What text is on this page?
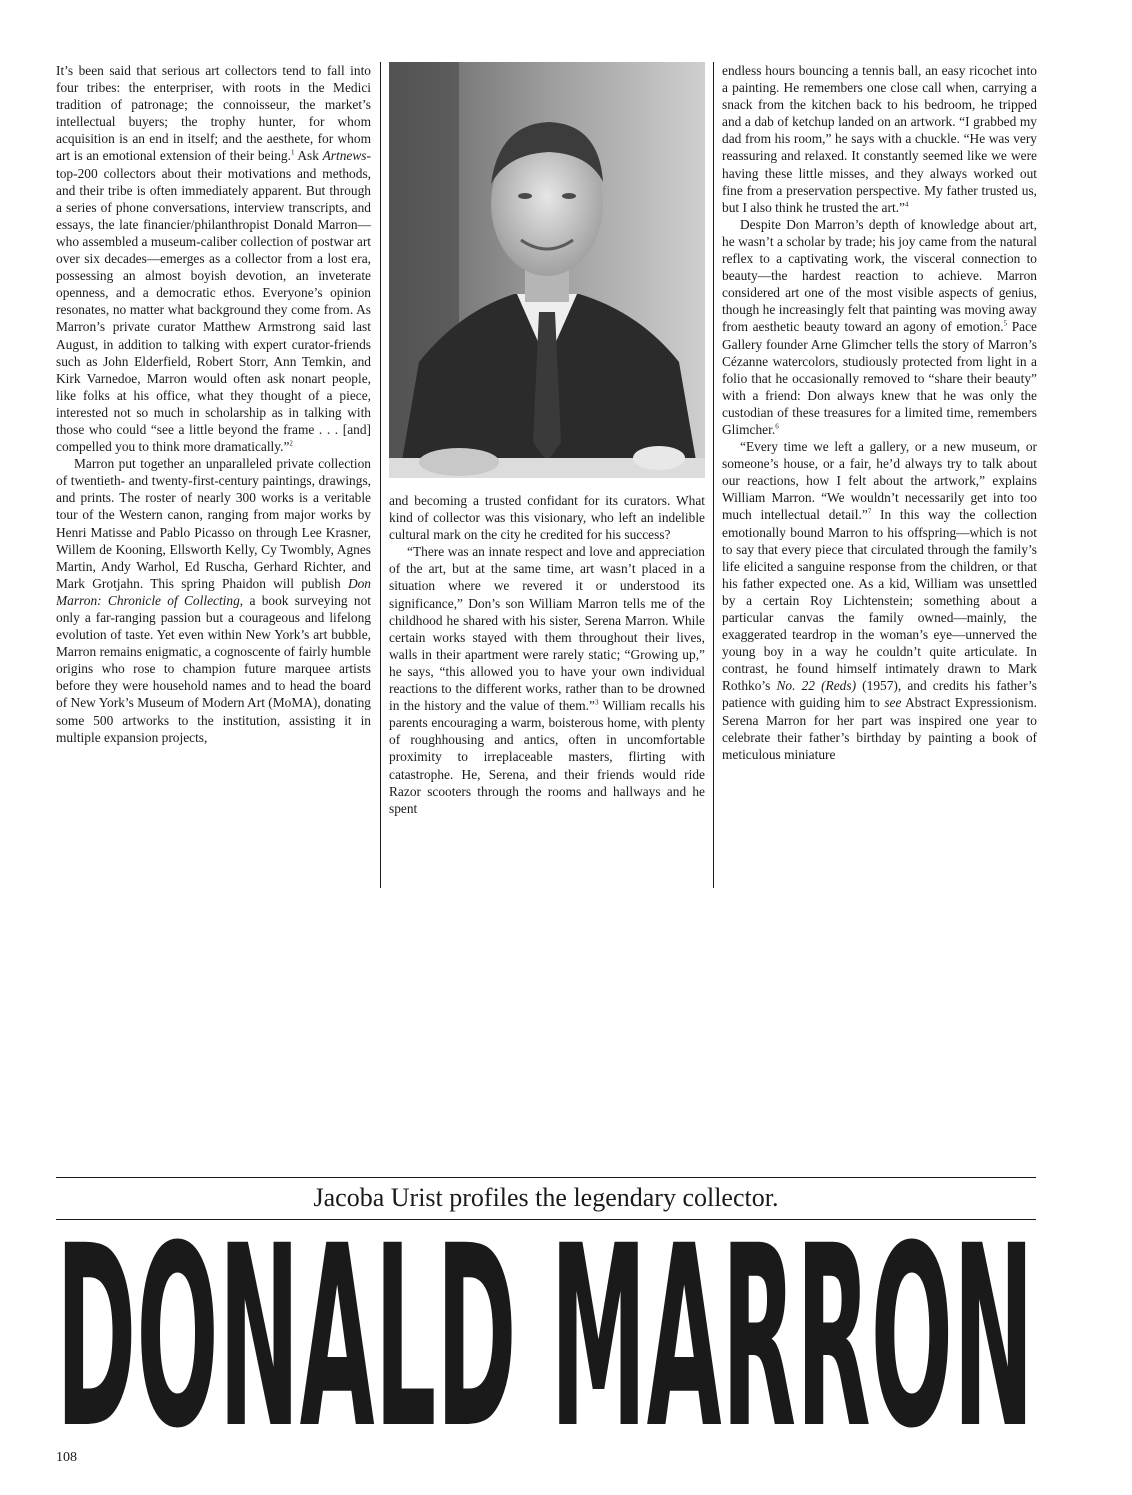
It’s been said that serious art collectors tend to fall into four tribes: the enterpriser, with roots in the Medici tradition of patronage; the connoisseur, the market’s intellectual buyers; the trophy hunter, for whom acquisition is an end in itself; and the aesthete, for whom art is an emotional extension of their being.$^1$ Ask Artnews-top-200 collectors about their motivations and methods, and their tribe is often immediately apparent. But through a series of phone conversations, interview transcripts, and essays, the late financier/philanthropist Donald Marron—who assembled a museum-caliber collection of postwar art over six decades—emerges as a collector from a lost era, possessing an almost boyish devotion, an inveterate openness, and a democratic ethos. Everyone’s opinion resonates, no matter what background they come from. As Marron’s private curator Matthew Armstrong said last August, in addition to talking with expert curator-friends such as John Elderfield, Robert Storr, Ann Temkin, and Kirk Varnedoe, Marron would often ask nonart people, like folks at his office, what they thought of a piece, interested not so much in scholarship as in talking with those who could “see a little beyond the frame . . . [and] compelled you to think more dramatically.”$^2$

Marron put together an unparalleled private collection of twentieth- and twenty-first-century paintings, drawings, and prints. The roster of nearly 300 works is a veritable tour of the Western canon, ranging from major works by Henri Matisse and Pablo Picasso on through Lee Krasner, Willem de Kooning, Ellsworth Kelly, Cy Twombly, Agnes Martin, Andy Warhol, Ed Ruscha, Gerhard Richter, and Mark Grotjahn. This spring Phaidon will publish Don Marron: Chronicle of Collecting, a book surveying not only a far-ranging passion but a courageous and lifelong evolution of taste. Yet even within New York’s art bubble, Marron remains enigmatic, a cognoscente of fairly humble origins who rose to champion future marquee artists before they were household names and to head the board of New York’s Museum of Modern Art (MoMA), donating some 500 artworks to the institution, assisting it in multiple expansion projects,

and becoming a trusted confidant for its curators. What kind of collector was this visionary, who left an indelible cultural mark on the city he credited for his success?

“There was an innate respect and love and appreciation of the art, but at the same time, art wasn’t placed in a situation where we revered it or understood its significance,” Don’s son William Marron tells me of the childhood he shared with his sister, Serena Marron. While certain works stayed with them throughout their lives, walls in their apartment were rarely static; “Growing up,” he says, “this allowed you to have your own individual reactions to the different works, rather than to be drowned in the history and the value of them.”$^3$ William recalls his parents encouraging a warm, boisterous home, with plenty of roughhousing and antics, often in uncomfortable proximity to irreplaceable masters, flirting with catastrophe. He, Serena, and their friends would ride Razor scooters through the rooms and hallways and he spent

endless hours bouncing a tennis ball, an easy ricochet into a painting. He remembers one close call when, carrying a snack from the kitchen back to his bedroom, he tripped and a dab of ketchup landed on an artwork. “I grabbed my dad from his room,” he says with a chuckle. “He was very reassuring and relaxed. It constantly seemed like we were having these little misses, and they always worked out fine from a preservation perspective. My father trusted us, but I also think he trusted the art.”$^4$

Despite Don Marron’s depth of knowledge about art, he wasn’t a scholar by trade; his joy came from the natural reflex to a captivating work, the visceral connection to beauty—the hardest reaction to achieve. Marron considered art one of the most visible aspects of genius, though he increasingly felt that painting was moving away from aesthetic beauty toward an agony of emotion.$^5$ Pace Gallery founder Arne Glimcher tells the story of Marron’s Cézanne watercolors, studiously protected from light in a folio that he occasionally removed to “share their beauty” with a friend: Don always knew that he was only the custodian of these treasures for a limited time, remembers Glimcher.$^6$

“Every time we left a gallery, or a new museum, or someone’s house, or a fair, he’d always try to talk about our reactions, how I felt about the artwork,” explains William Marron. “We wouldn’t necessarily get into too much intellectual detail.”$^7$ In this way the collection emotionally bound Marron to his offspring—which is not to say that every piece that circulated through the family’s life elicited a sanguine response from the children, or that his father expected one. As a kid, William was unsettled by a certain Roy Lichtenstein; something about a particular canvas the family owned—mainly, the exaggerated teardrop in the woman’s eye—unnerved the young boy in a way he couldn’t quite articulate. In contrast, he found himself intimately drawn to Mark Rothko’s No. 22 (Reds) (1957), and credits his father’s patience with guiding him to see Abstract Expressionism. Serena Marron for her part was inspired one year to celebrate their father’s birthday by painting a book of meticulous miniature

Jacoba Urist profiles the legendary collector.
DONALD MARRON
108
